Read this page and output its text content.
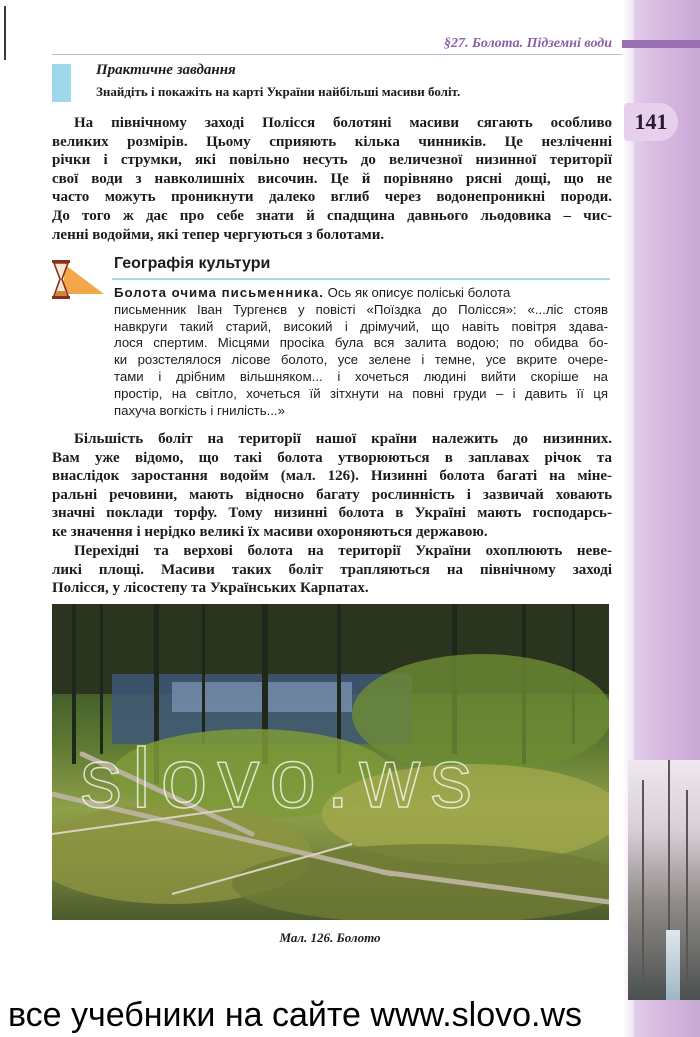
141
§27. Болота. Підземні води
Практичне завдання
Знайдіть і покажіть на карті України найбільші масиви боліт.
На північному заході Полісся болотяні масиви сягають особливо
великих розмірів. Цьому сприяють кілька чинників. Це незліченні
річки і струмки, які повільно несуть до величезної низинної території
свої води з навколишніх височин. Це й порівняно рясні дощі, що не
часто можуть проникнути далеко вглиб через водонепроникні породи.
До того ж дає про себе знати й спадщина давнього льодовика – чис-
ленні водойми, які тепер чергуються з болотами.
Географія культури
Болота очима письменника. Ось як описує поліські болота
письменник Іван Тургенєв у повісті «Поїздка до Полісся»: «...ліс стояв
навкруги такий старий, високий і дрімучий, що навіть повітря здава-
лося спертим. Місцями просіка була вся залита водою; по обидва бо-
ки розстелялося лісове болото, усе зелене і темне, усе вкрите очере-
тами і дрібним вільшняком... і хочеться людині вийти скоріше на
простір, на світло, хочеться їй зітхнути на повні груди – і давить її ця
пахуча вогкість і гнилість...»
Більшість боліт на території нашої країни належить до низинних.
Вам уже відомо, що такі болота утворюються в заплавах річок та
внаслідок заростання водойм (мал. 126). Низинні болота багаті на міне-
ральні речовини, мають відносно багату рослинність і зазвичай ховають
значні поклади торфу. Тому низинні болота в Україні мають господарсь-
ке значення і нерідко великі їх масиви охороняються державою.
Перехідні та верхові болота на території України охоплюють неве-
ликі площі. Масиви таких боліт трапляються на північному заході
Полісся, у лісостепу та Українських Карпатах.
Мал. 126. Болото
slovo.ws
все учебники на сайте www.slovo.ws
